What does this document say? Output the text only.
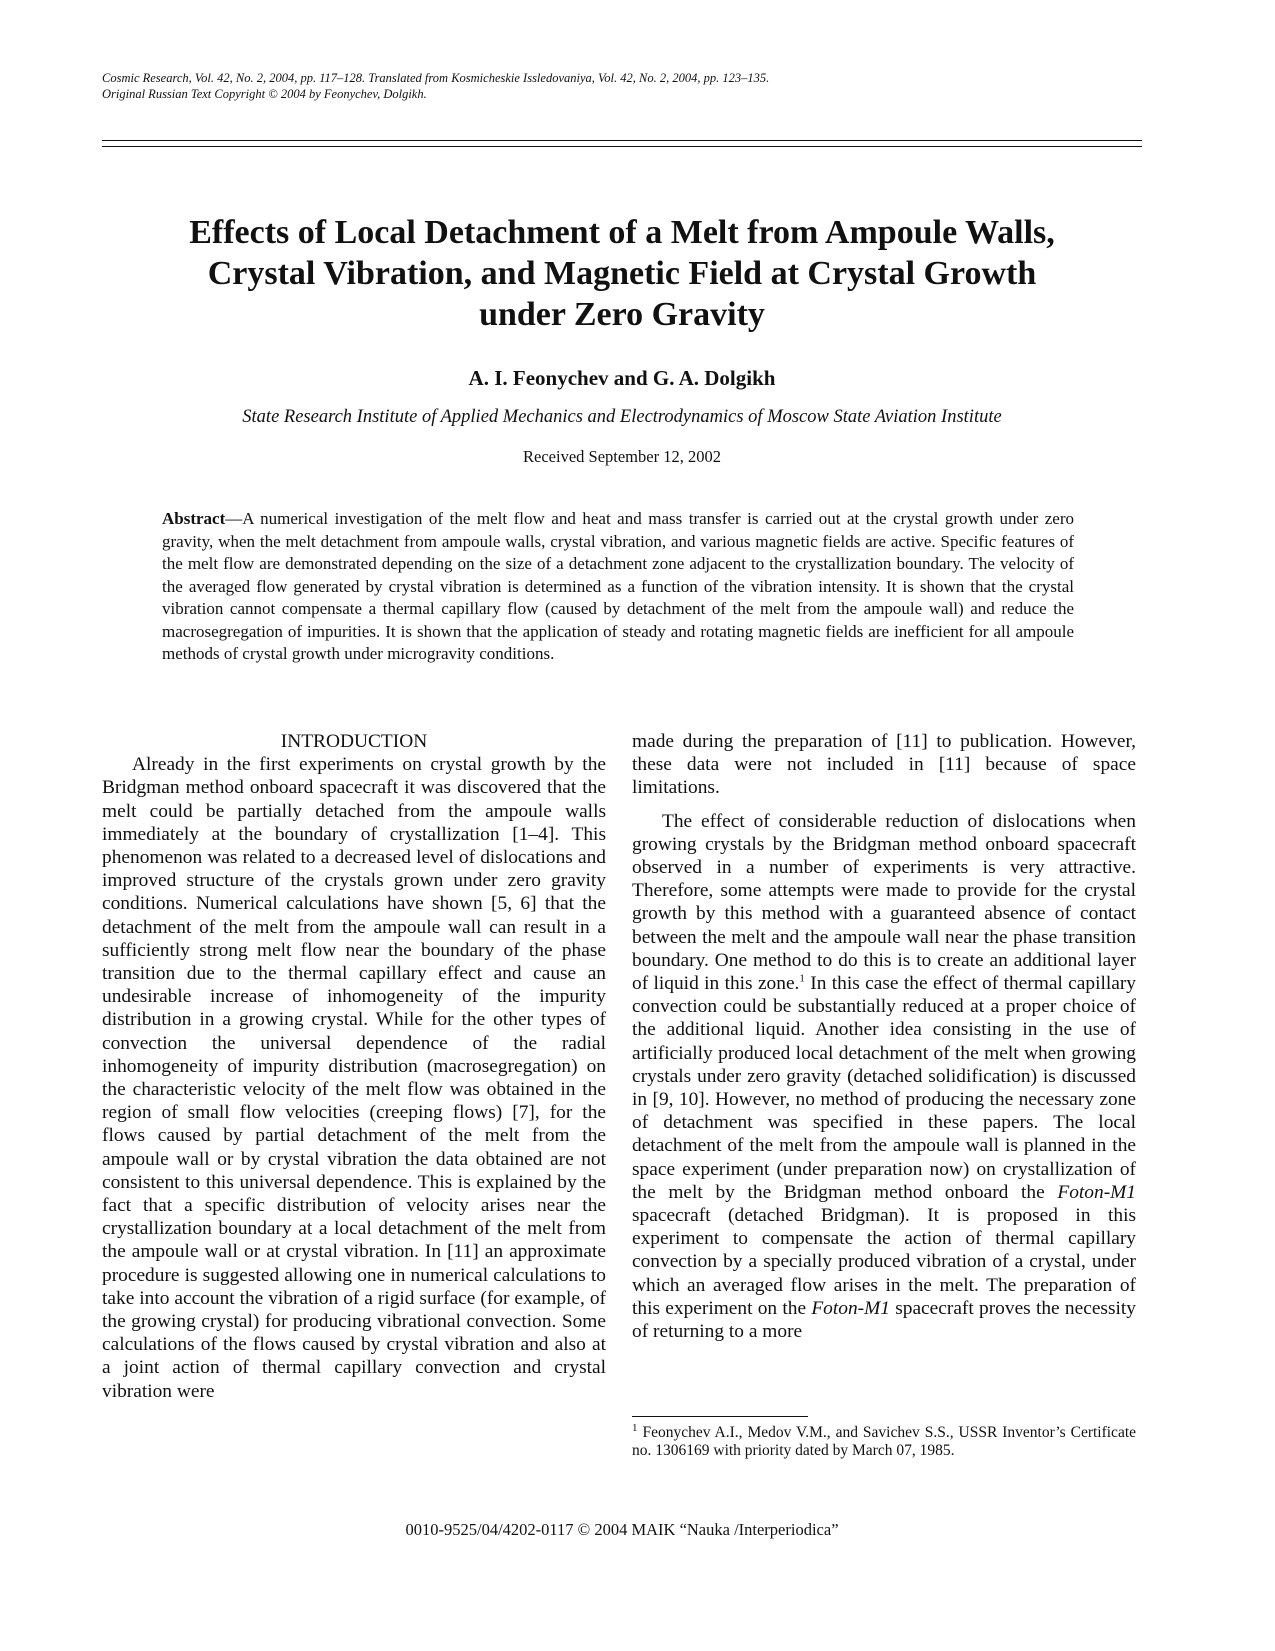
Cosmic Research, Vol. 42, No. 2, 2004, pp. 117–128. Translated from Kosmicheskie Issledovaniya, Vol. 42, No. 2, 2004, pp. 123–135.
Original Russian Text Copyright © 2004 by Feonychev, Dolgikh.
Effects of Local Detachment of a Melt from Ampoule Walls,
Crystal Vibration, and Magnetic Field at Crystal Growth
under Zero Gravity
A. I. Feonychev and G. A. Dolgikh
State Research Institute of Applied Mechanics and Electrodynamics of Moscow State Aviation Institute
Received September 12, 2002
Abstract—A numerical investigation of the melt flow and heat and mass transfer is carried out at the crystal growth under zero gravity, when the melt detachment from ampoule walls, crystal vibration, and various magnetic fields are active. Specific features of the melt flow are demonstrated depending on the size of a detachment zone adjacent to the crystallization boundary. The velocity of the averaged flow generated by crystal vibration is determined as a function of the vibration intensity. It is shown that the crystal vibration cannot compensate a thermal capillary flow (caused by detachment of the melt from the ampoule wall) and reduce the macrosegregation of impurities. It is shown that the application of steady and rotating magnetic fields are inefficient for all ampoule methods of crystal growth under microgravity conditions.

INTRODUCTION

Already in the first experiments on crystal growth by the Bridgman method onboard spacecraft it was discovered that the melt could be partially detached from the ampoule walls immediately at the boundary of crystallization [1–4]. This phenomenon was related to a decreased level of dislocations and improved structure of the crystals grown under zero gravity conditions. Numerical calculations have shown [5, 6] that the detachment of the melt from the ampoule wall can result in a sufficiently strong melt flow near the boundary of the phase transition due to the thermal capillary effect and cause an undesirable increase of inhomogeneity of the impurity distribution in a growing crystal. While for the other types of convection the universal dependence of the radial inhomogeneity of impurity distribution (macrosegregation) on the characteristic velocity of the melt flow was obtained in the region of small flow velocities (creeping flows) [7], for the flows caused by partial detachment of the melt from the ampoule wall or by crystal vibration the data obtained are not consistent to this universal dependence. This is explained by the fact that a specific distribution of velocity arises near the crystallization boundary at a local detachment of the melt from the ampoule wall or at crystal vibration. In [11] an approximate procedure is suggested allowing one in numerical calculations to take into account the vibration of a rigid surface (for example, of the growing crystal) for producing vibrational convection. Some calculations of the flows caused by crystal vibration and also at a joint action of thermal capillary convection and crystal vibration were

made during the preparation of [11] to publication. However, these data were not included in [11] because of space limitations.

The effect of considerable reduction of dislocations when growing crystals by the Bridgman method onboard spacecraft observed in a number of experiments is very attractive. Therefore, some attempts were made to provide for the crystal growth by this method with a guaranteed absence of contact between the melt and the ampoule wall near the phase transition boundary. One method to do this is to create an additional layer of liquid in this zone.$^1$ In this case the effect of thermal capillary convection could be substantially reduced at a proper choice of the additional liquid. Another idea consisting in the use of artificially produced local detachment of the melt when growing crystals under zero gravity (detached solidification) is discussed in [9, 10]. However, no method of producing the necessary zone of detachment was specified in these papers. The local detachment of the melt from the ampoule wall is planned in the space experiment (under preparation now) on crystallization of the melt by the Bridgman method onboard the Foton-M1 spacecraft (detached Bridgman). It is proposed in this experiment to compensate the action of thermal capillary convection by a specially produced vibration of a crystal, under which an averaged flow arises in the melt. The preparation of this experiment on the Foton-M1 spacecraft proves the necessity of returning to a more

$^1$ Feonychev A.I., Medov V.M., and Savichev S.S., USSR Inventor’s Certificate no. 1306169 with priority dated by March 07, 1985.
0010-9525/04/4202-0117 © 2004 MAIK “Nauka /Interperiodica”
